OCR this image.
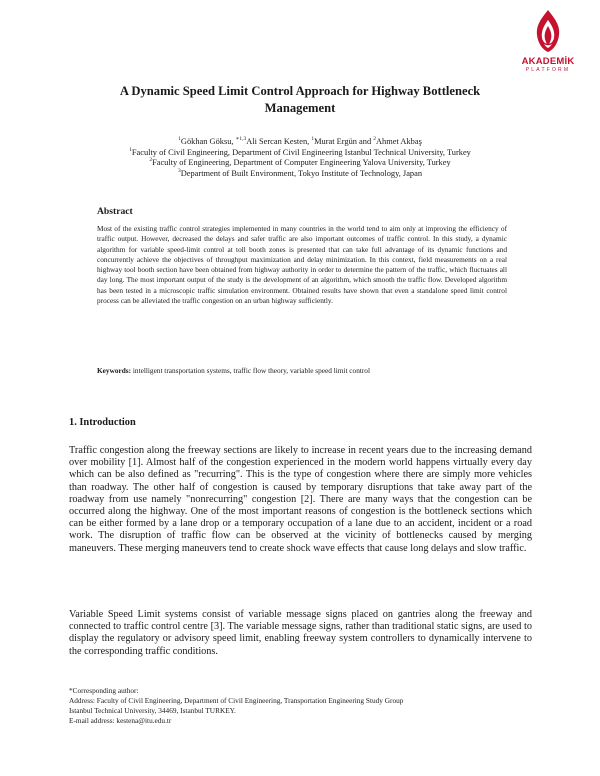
AKADEMİK
PLATFORM
A Dynamic Speed Limit Control Approach for Highway Bottleneck Management
$^1$Gökhan Göksu, $^{∗1,3}$Ali Sercan Kesten, $^1$Murat Ergün and $^2$Ahmet Akbaş
$^1$Faculty of Civil Engineering, Department of Civil Engineering Istanbul Technical University, Turkey
$^2$Faculty of Engineering, Department of Computer Engineering Yalova University, Turkey
$^3$Department of Built Environment, Tokyo Institute of Technology, Japan
Abstract
Most of the existing traffic control strategies implemented in many countries in the world tend to aim only at improving the efficiency of traffic output. However, decreased the delays and safer traffic are also important outcomes of traffic control. In this study, a dynamic algorithm for variable speed-limit control at toll booth zones is presented that can take full advantage of its dynamic functions and concurrently achieve the objectives of throughput maximization and delay minimization. In this context, field measurements on a real highway tool booth section have been obtained from highway authority in order to determine the pattern of the traffic, which fluctuates all day long. The most important output of the study is the development of an algorithm, which smooth the traffic flow. Developed algorithm has been tested in a microscopic traffic simulation environment. Obtained results have shown that even a standalone speed limit control process can be alleviated the traffic congestion on an urban highway sufficiently.
Keywords: intelligent transportation systems, traffic flow theory, variable speed limit control
1. Introduction
Traffic congestion along the freeway sections are likely to increase in recent years due to the increasing demand over mobility [1]. Almost half of the congestion experienced in the modern world happens virtually every day which can be also defined as "recurring". This is the type of congestion where there are simply more vehicles than roadway. The other half of congestion is caused by temporary disruptions that take away part of the roadway from use namely "nonrecurring" congestion [2]. There are many ways that the congestion can be occurred along the highway. One of the most important reasons of congestion is the bottleneck sections which can be either formed by a lane drop or a temporary occupation of a lane due to an accident, incident or a road work. The disruption of traffic flow can be observed at the vicinity of bottlenecks caused by merging maneuvers. These merging maneuvers tend to create shock wave effects that cause long delays and slow traffic.
Variable Speed Limit systems consist of variable message signs placed on gantries along the freeway and connected to traffic control centre [3]. The variable message signs, rather than traditional static signs, are used to display the regulatory or advisory speed limit, enabling freeway system controllers to dynamically intervene to the corresponding traffic conditions.
*Corresponding author:
Address: Faculty of Civil Engineering, Department of Civil Engineering, Transportation Engineering Study Group
Istanbul Technical University, 34469, Istanbul TURKEY.
E-mail address: kestena@itu.edu.tr
